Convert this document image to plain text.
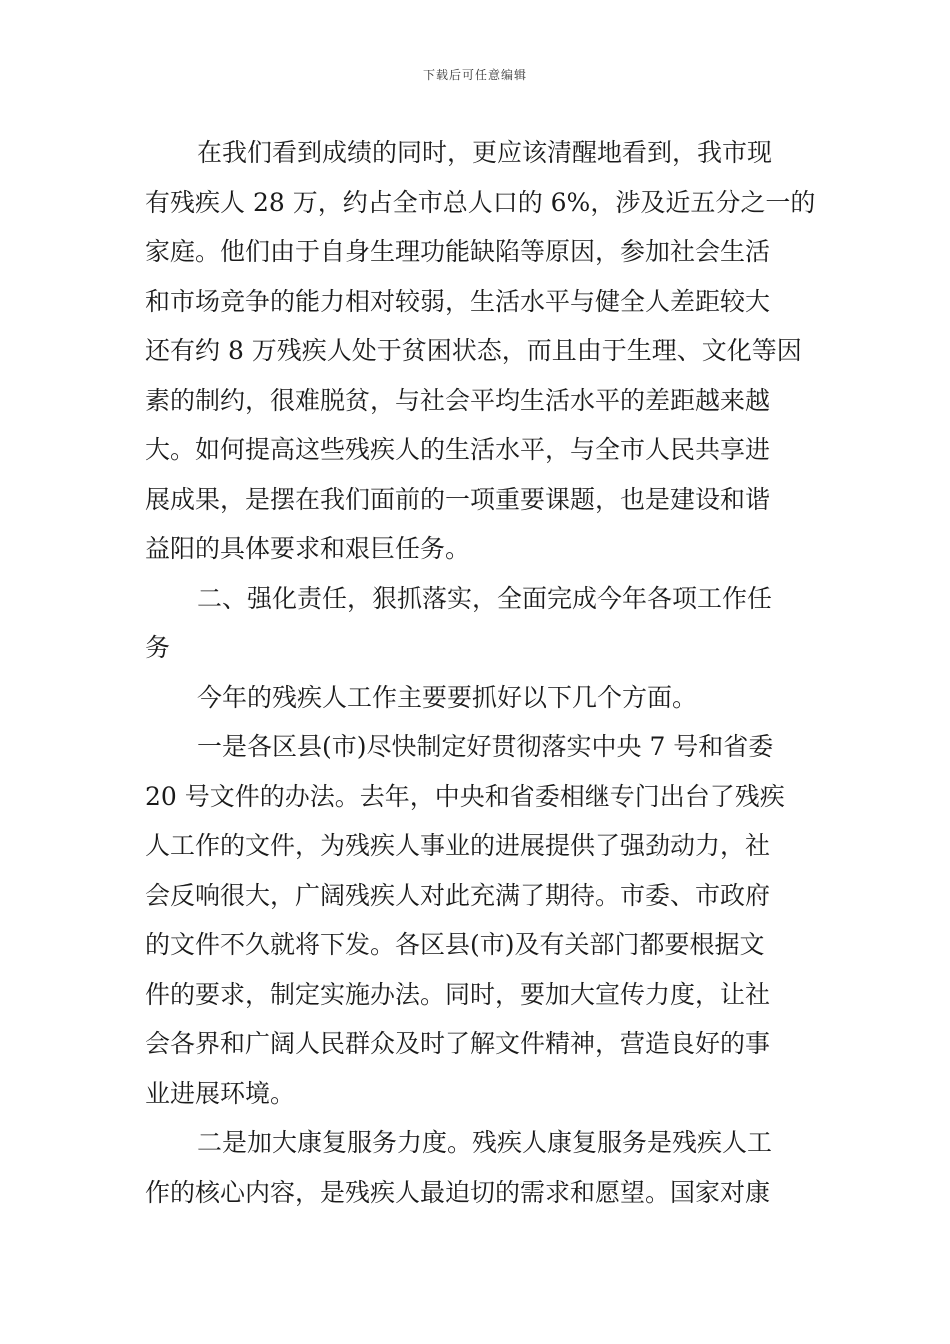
下载后可任意编辑
在我们看到成绩的同时，更应该清醒地看到，我市现
有残疾人 28 万，约占全市总人口的 6%，涉及近五分之一的
家庭。他们由于自身生理功能缺陷等原因，参加社会生活
和市场竞争的能力相对较弱，生活水平与健全人差距较大
还有约 8 万残疾人处于贫困状态，而且由于生理、文化等因
素的制约，很难脱贫，与社会平均生活水平的差距越来越
大。如何提高这些残疾人的生活水平，与全市人民共享进
展成果，是摆在我们面前的一项重要课题，也是建设和谐
益阳的具体要求和艰巨任务。
二、强化责任，狠抓落实，全面完成今年各项工作任
务
今年的残疾人工作主要要抓好以下几个方面。
一是各区县(市)尽快制定好贯彻落实中央 7 号和省委
20 号文件的办法。去年，中央和省委相继专门出台了残疾
人工作的文件，为残疾人事业的进展提供了强劲动力，社
会反响很大，广阔残疾人对此充满了期待。市委、市政府
的文件不久就将下发。各区县(市)及有关部门都要根据文
件的要求，制定实施办法。同时，要加大宣传力度，让社
会各界和广阔人民群众及时了解文件精神，营造良好的事
业进展环境。
二是加大康复服务力度。残疾人康复服务是残疾人工
作的核心内容，是残疾人最迫切的需求和愿望。国家对康
